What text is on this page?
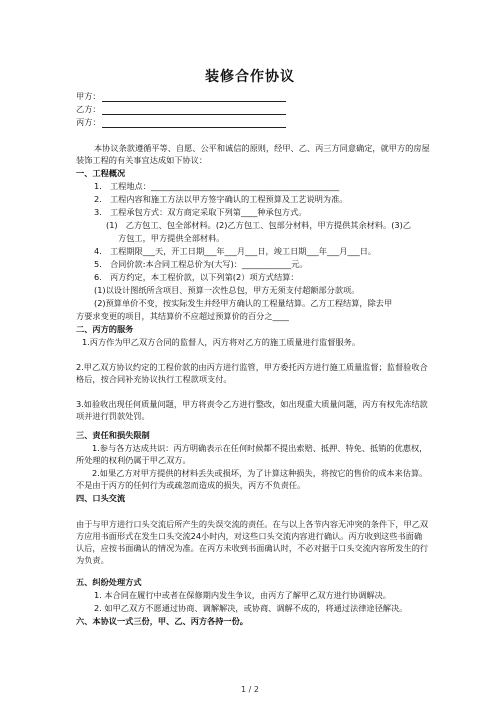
装修合作协议
甲方：
乙方：
丙方：

本协议条款遵循平等、自愿、公平和诚信的原则，经甲、乙、丙三方同意确定，就甲方的房屋装饰工程的有关事宜达成如下协议：

一、工程概况

1.　工程地点：______________________________________________

2.　工程内容和施工方法以甲方签字确认的工程预算及工艺说明为准。

3.　工程承包方式：双方商定采取下列第____种承包方式。

(1)　乙方包工、包全部材料。(2)乙方包工、包部分材料，甲方提供其余材料。(3)乙

方包工，甲方提供全部材料。

4.　工程期限___天，开工日期___年___月___日，竣工日期___年___月___日。

5.　合同价款:本合同工程总价为(大写)：____________元。

6.　丙方约定，本工程价款，以下列第(2）项方式结算：

(1)以设计图纸所含项目、预算一次性总包，甲方无须支付超额部分款项。

(2)预算单价不变，按实际发生并经甲方确认的工程量结算。乙方工程结算，除去甲

方要求变更的项目，其结算价不应超过预算价的百分之____

二、丙方的服务

1.丙方作为甲乙双方合同的监督人，丙方将对乙方的施工质量进行监督服务。

2.甲乙双方协议约定的工程价款的由丙方进行监管，甲方委托丙方进行施工质量监督；监督验收合格后，按合同补充协议执行工程款项支付。

3.如验收出现任何质量问题，甲方将责令乙方进行整改，如出现重大质量问题，丙方有权先冻结款项并进行罚款处罚。

三、责任和损失限制

1.参与各方达成共识：丙方明确表示在任何时候都不提出索赔、抵押、特免、抵销的优惠权，所处理的权利仍属于甲乙双方。

2.如果乙方对甲方提供的材料丢失或损坏，为了计算这种损失，将按它的售价的成本来估算。不是由于丙方的任何行为或疏忽而造成的损失，丙方不负责任。

四、口头交流

由于与甲方进行口头交流后所产生的失误交流的责任。在与以上各节内容无冲突的条件下，甲乙双方应用书面形式在发生口头交流24小时内，对这些口头交流内容进行确认。丙方收到这些书面确认后，应按书面确认的情况为准。在丙方未收到书面确认时，不必对据于口头交流内容所发生的行为负责。

五、纠纷处理方式

1. 本合同在履行中或者在保修期内发生争议，由丙方了解甲乙双方进行协调解决。

2. 如甲乙双方不愿通过协商、调解解决，或协商、调解不成的，将通过法律途径解决。

六、本协议一式三份，甲、乙、丙方各持一份。

1 / 2
